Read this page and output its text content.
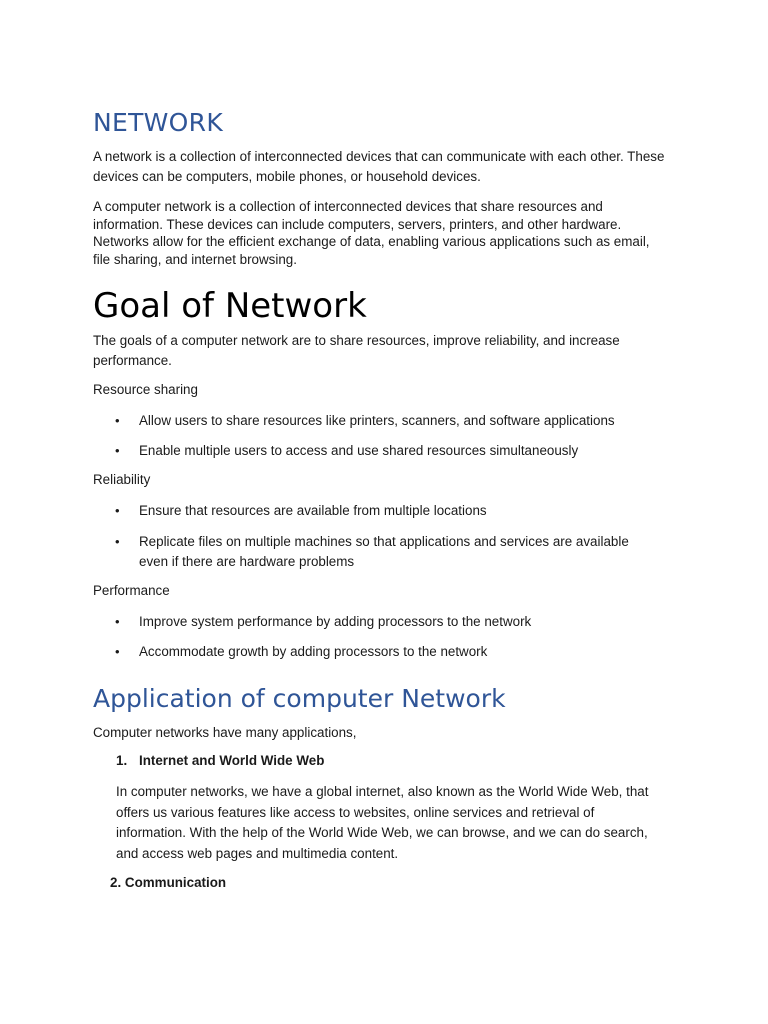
NETWORK

A network is a collection of interconnected devices that can communicate with each other. These devices can be computers, mobile phones, or household devices.

A computer network is a collection of interconnected devices that share resources and information. These devices can include computers, servers, printers, and other hardware. Networks allow for the efficient exchange of data, enabling various applications such as email, file sharing, and internet browsing.

Goal of Network

The goals of a computer network are to share resources, improve reliability, and increase performance.

Resource sharing

•	Allow users to share resources like printers, scanners, and software applications
•	Enable multiple users to access and use shared resources simultaneously

Reliability

•	Ensure that resources are available from multiple locations
•	Replicate files on multiple machines so that applications and services are available even if there are hardware problems

Performance

•	Improve system performance by adding processors to the network
•	Accommodate growth by adding processors to the network
Application of computer Network

Computer networks have many applications,

1. Internet and World Wide Web

In computer networks, we have a global internet, also known as the World Wide Web, that offers us various features like access to websites, online services and retrieval of information. With the help of the World Wide Web, we can browse, and we can do search, and access web pages and multimedia content.

2. Communication
